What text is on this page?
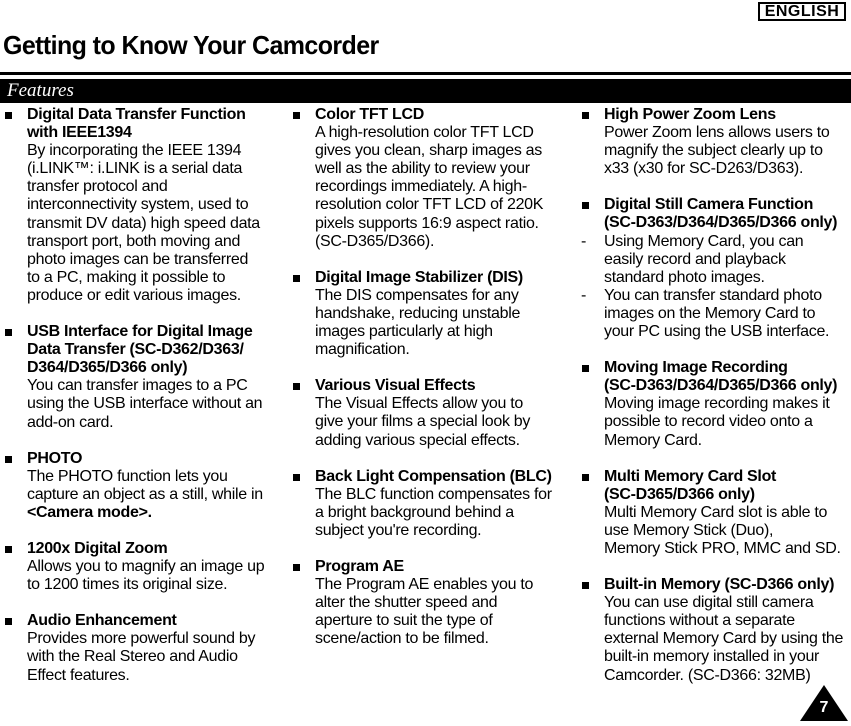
ENGLISH
Getting to Know Your Camcorder
Features
Digital Data Transfer Function
with IEEE1394
By incorporating the IEEE 1394
(i.LINK™: i.LINK is a serial data
transfer protocol and
interconnectivity system, used to
transmit DV data) high speed data
transport port, both moving and
photo images can be transferred
to a PC, making it possible to
produce or edit various images.
USB Interface for Digital Image
Data Transfer (SC-D362/D363/
D364/D365/D366 only)
You can transfer images to a PC
using the USB interface without an
add-on card.
PHOTO
The PHOTO function lets you
capture an object as a still, while in
<Camera mode>.
1200x Digital Zoom
Allows you to magnify an image up
to 1200 times its original size.
Audio Enhancement
Provides more powerful sound by
with the Real Stereo and Audio
Effect features.
Color TFT LCD
A high-resolution color TFT LCD
gives you clean, sharp images as
well as the ability to review your
recordings immediately. A high-
resolution color TFT LCD of 220K
pixels supports 16:9 aspect ratio.
(SC-D365/D366).
Digital Image Stabilizer (DIS)
The DIS compensates for any
handshake, reducing unstable
images particularly at high
magnification.
Various Visual Effects
The Visual Effects allow you to
give your films a special look by
adding various special effects.
Back Light Compensation (BLC)
The BLC function compensates for
a bright background behind a
subject you're recording.
Program AE
The Program AE enables you to
alter the shutter speed and
aperture to suit the type of
scene/action to be filmed.
High Power Zoom Lens
Power Zoom lens allows users to
magnify the subject clearly up to
x33 (x30 for SC-D263/D363).
Digital Still Camera Function
(SC-D363/D364/D365/D366 only)
- Using Memory Card, you can
easily record and playback
standard photo images.
- You can transfer standard photo
images on the Memory Card to
your PC using the USB interface.
Moving Image Recording
(SC-D363/D364/D365/D366 only)
Moving image recording makes it
possible to record video onto a
Memory Card.
Multi Memory Card Slot
(SC-D365/D366 only)
Multi Memory Card slot is able to
use Memory Stick (Duo),
Memory Stick PRO, MMC and SD.
Built-in Memory (SC-D366 only)
You can use digital still camera
functions without a separate
external Memory Card by using the
built-in memory installed in your
Camcorder. (SC-D366: 32MB)
7
